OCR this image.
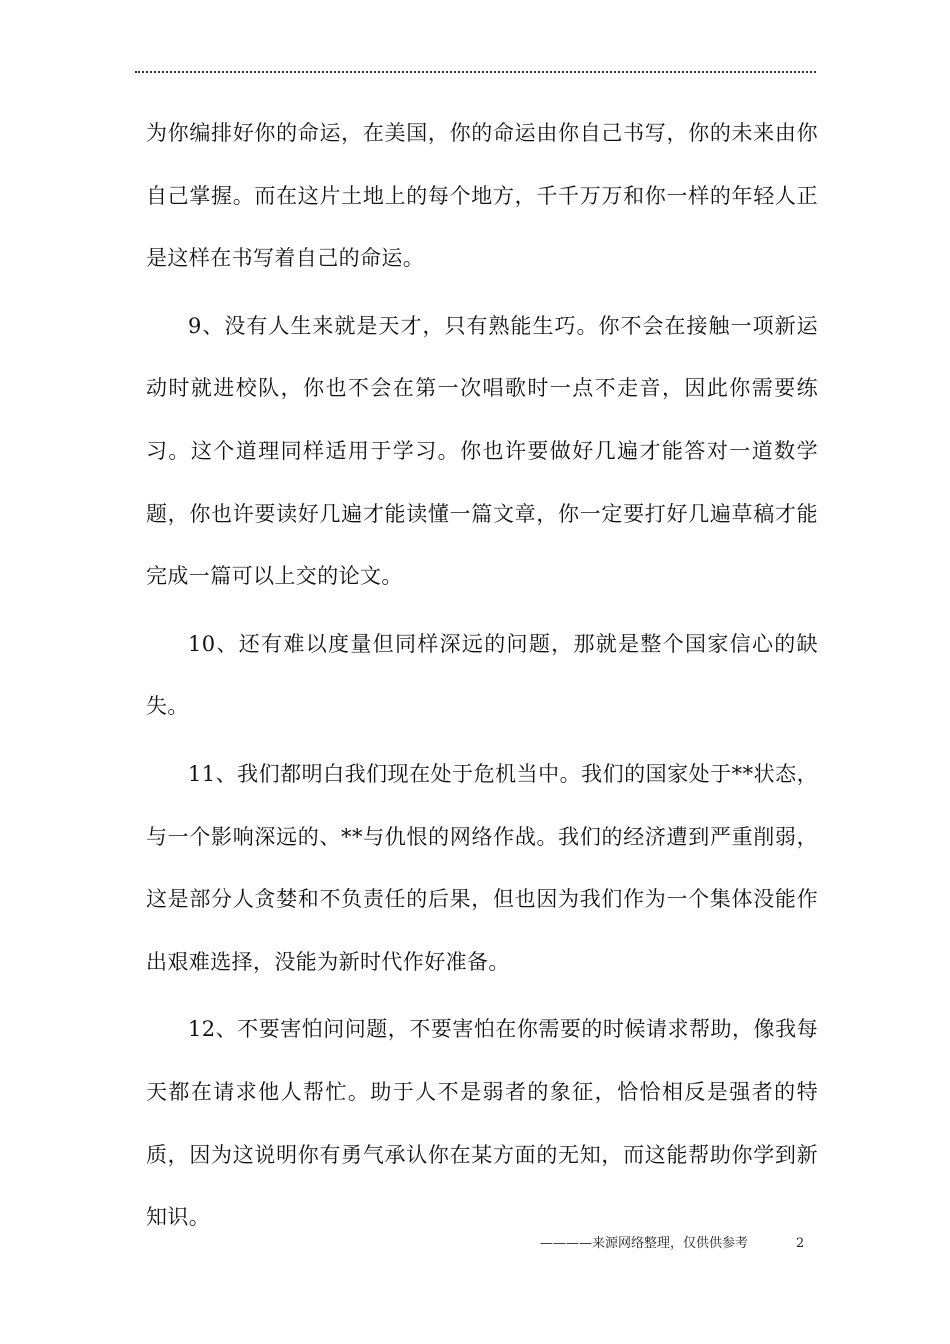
为你编排好你的命运，在美国，你的命运由你自己书写，你的未来由你自己掌握。而在这片土地上的每个地方，千千万万和你一样的年轻人正是这样在书写着自己的命运。

9、没有人生来就是天才，只有熟能生巧。你不会在接触一项新运动时就进校队，你也不会在第一次唱歌时一点不走音，因此你需要练习。这个道理同样适用于学习。你也许要做好几遍才能答对一道数学题，你也许要读好几遍才能读懂一篇文章，你一定要打好几遍草稿才能完成一篇可以上交的论文。

10、还有难以度量但同样深远的问题，那就是整个国家信心的缺失。

11、我们都明白我们现在处于危机当中。我们的国家处于**状态，与一个影响深远的、**与仇恨的网络作战。我们的经济遭到严重削弱，这是部分人贪婪和不负责任的后果，但也因为我们作为一个集体没能作出艰难选择，没能为新时代作好准备。

12、不要害怕问问题，不要害怕在你需要的时候请求帮助，像我每天都在请求他人帮忙。助于人不是弱者的象征，恰恰相反是强者的特质，因为这说明你有勇气承认你在某方面的无知，而这能帮助你学到新知识。

————来源网络整理，仅供供参考	2
